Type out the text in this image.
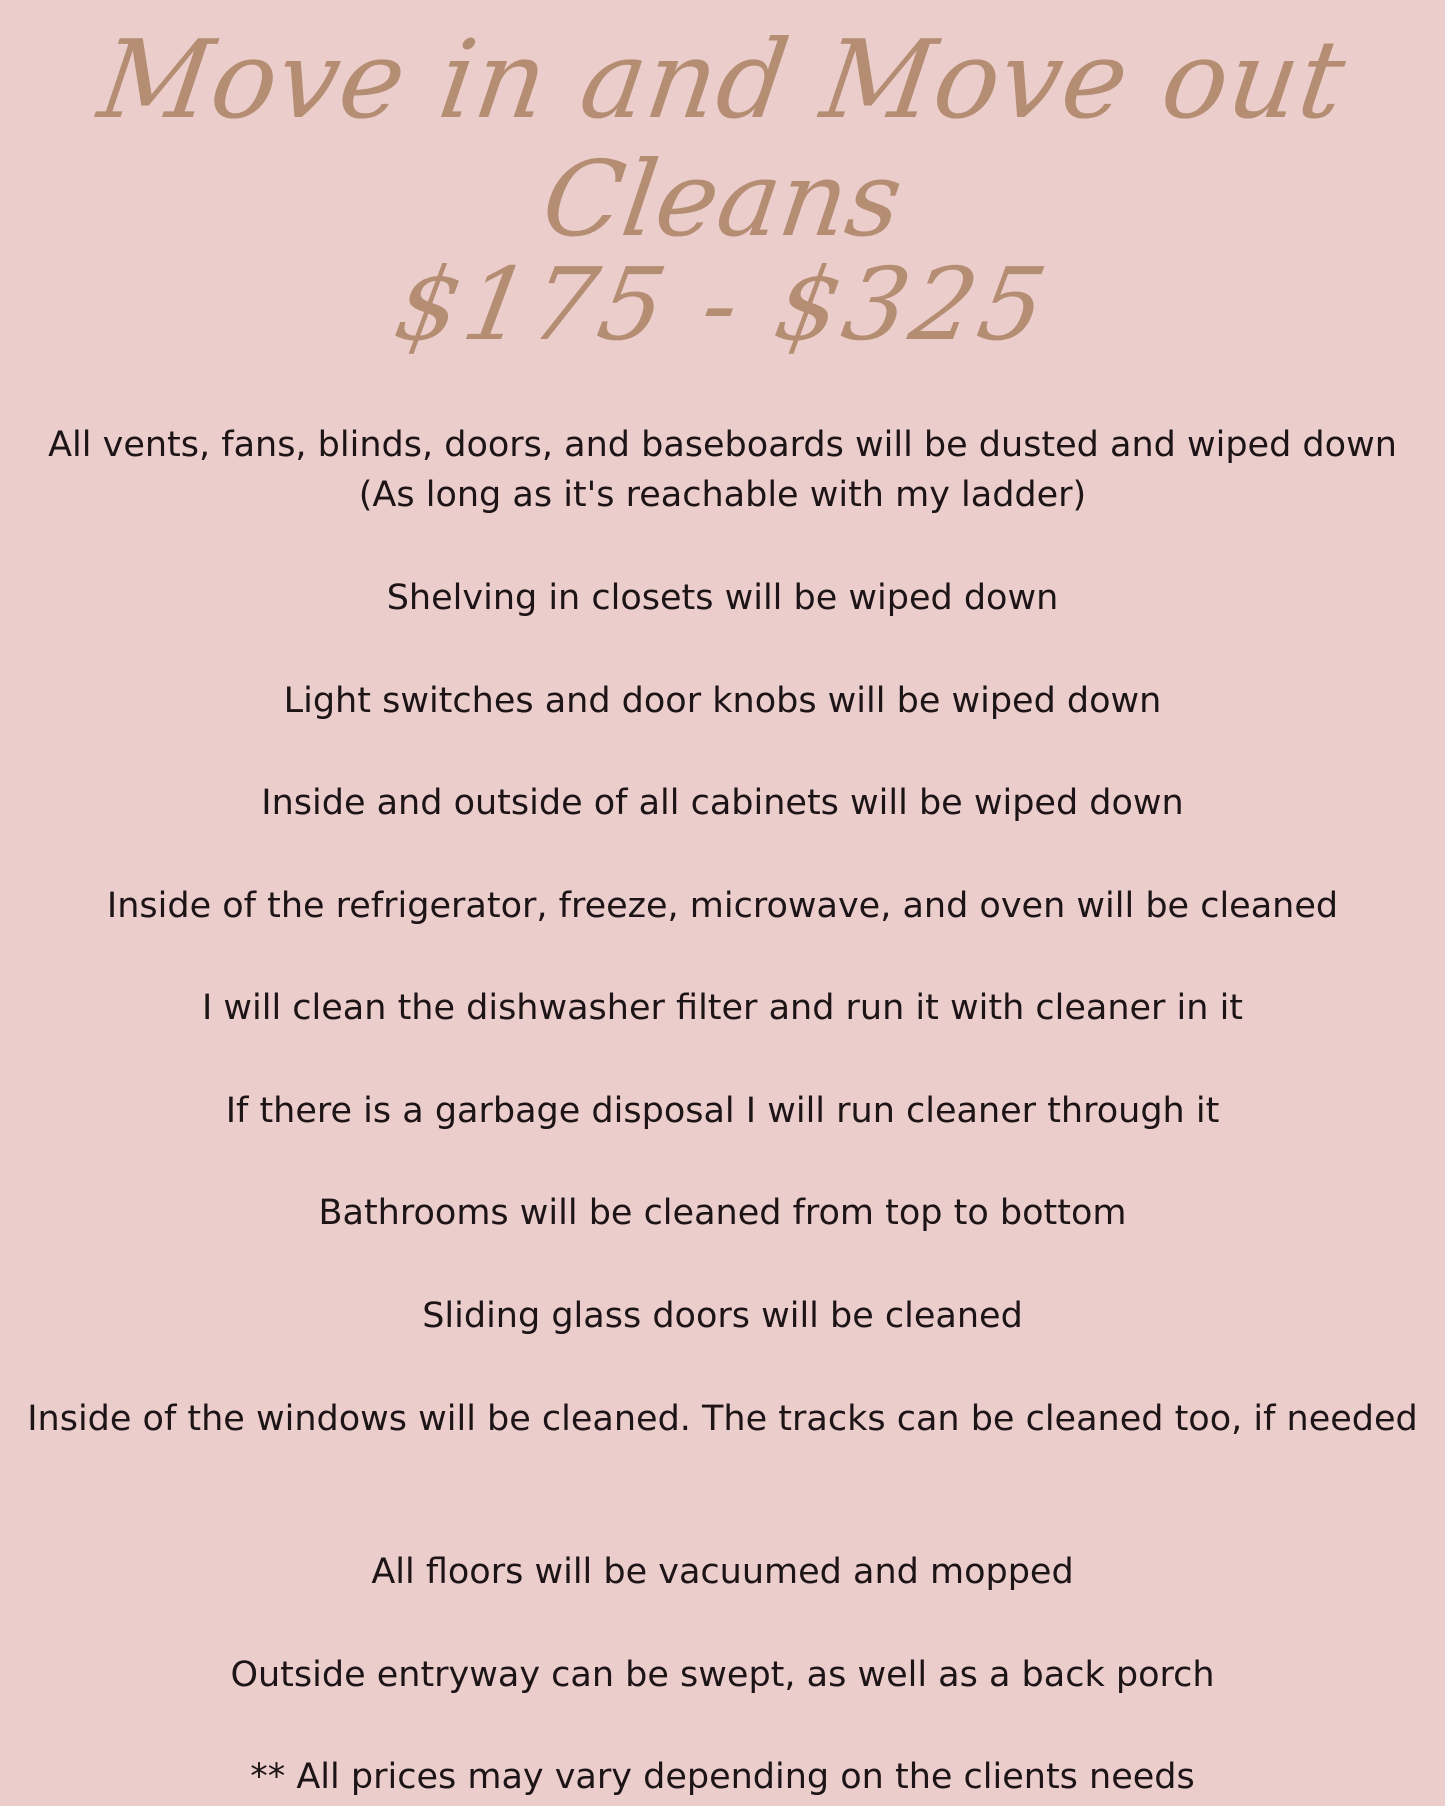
Move in and Move out
Cleans
$175 - $325

All vents, fans, blinds, doors, and baseboards will be dusted and wiped down (As long as it's reachable with my ladder)

Shelving in closets will be wiped down

Light switches and door knobs will be wiped down

Inside and outside of all cabinets will be wiped down

Inside of the refrigerator, freeze, microwave, and oven will be cleaned

I will clean the dishwasher filter and run it with cleaner in it

If there is a garbage disposal I will run cleaner through it

Bathrooms will be cleaned from top to bottom

Sliding glass doors will be cleaned

Inside of the windows will be cleaned. The tracks can be cleaned too, if needed

All floors will be vacuumed and mopped

Outside entryway can be swept, as well as a back porch

** All prices may vary depending on the clients needs
